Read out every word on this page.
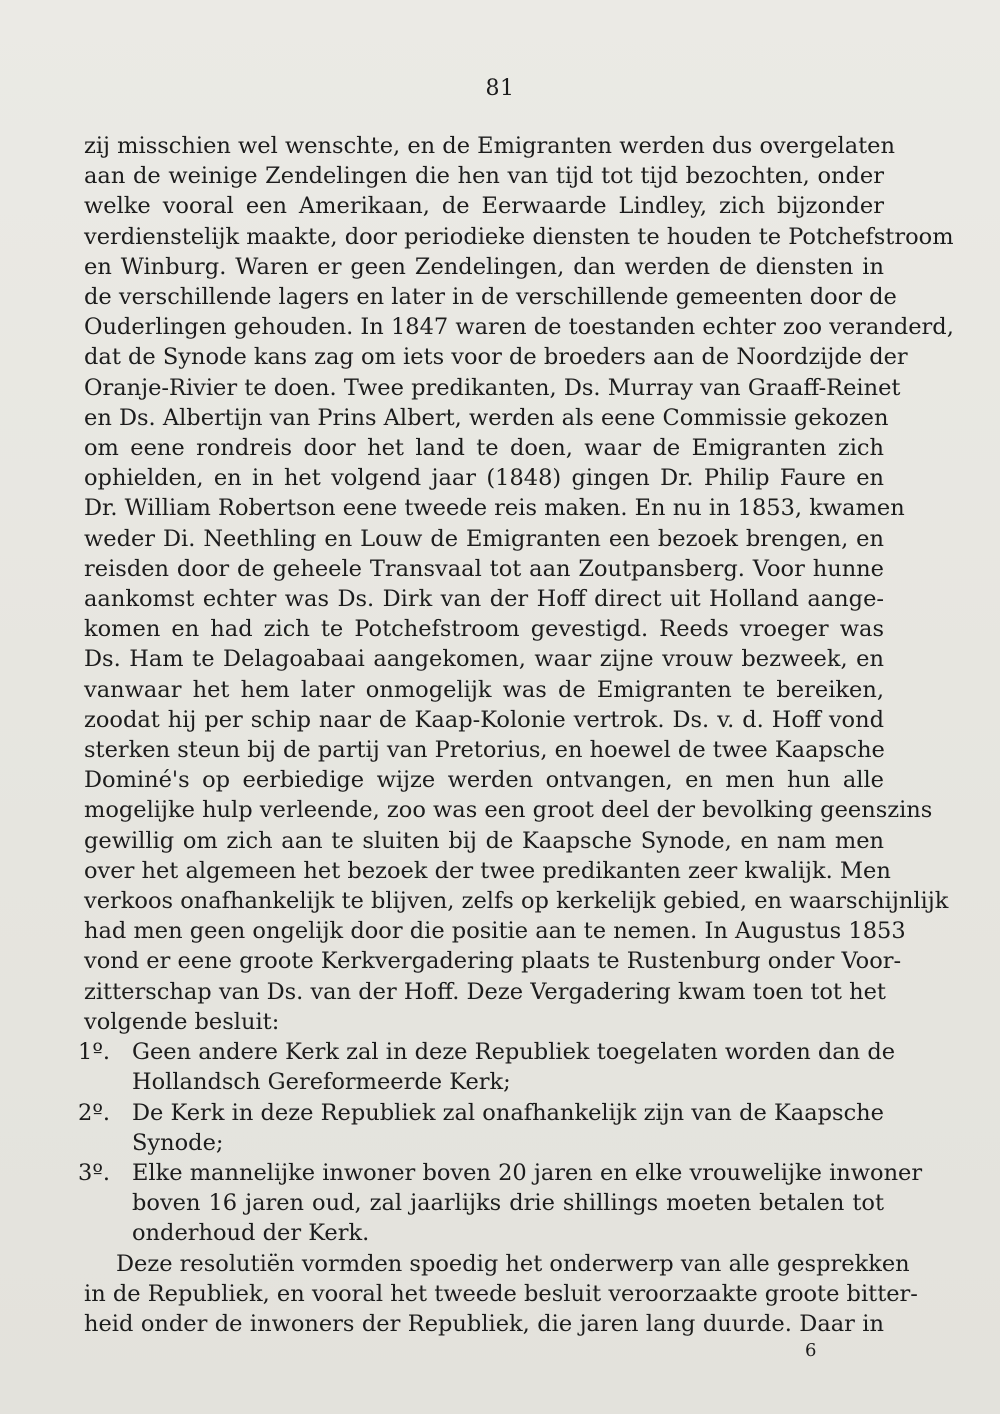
81
zij misschien wel wenschte, en de Emigranten werden dus overgelaten
aan de weinige Zendelingen die hen van tijd tot tijd bezochten, onder
welke vooral een Amerikaan, de Eerwaarde Lindley, zich bijzonder
verdienstelijk maakte, door periodieke diensten te houden te Potchefstroom
en Winburg. Waren er geen Zendelingen, dan werden de diensten in
de verschillende lagers en later in de verschillende gemeenten door de
Ouderlingen gehouden. In 1847 waren de toestanden echter zoo veranderd,
dat de Synode kans zag om iets voor de broeders aan de Noordzijde der
Oranje-Rivier te doen. Twee predikanten, Ds. Murray van Graaff-Reinet
en Ds. Albertijn van Prins Albert, werden als eene Commissie gekozen
om eene rondreis door het land te doen, waar de Emigranten zich
ophielden, en in het volgend jaar (1848) gingen Dr. Philip Faure en
Dr. William Robertson eene tweede reis maken. En nu in 1853, kwamen
weder Di. Neethling en Louw de Emigranten een bezoek brengen, en
reisden door de geheele Transvaal tot aan Zoutpansberg. Voor hunne
aankomst echter was Ds. Dirk van der Hoff direct uit Holland aange-
komen en had zich te Potchefstroom gevestigd. Reeds vroeger was
Ds. Ham te Delagoabaai aangekomen, waar zijne vrouw bezweek, en
vanwaar het hem later onmogelijk was de Emigranten te bereiken,
zoodat hij per schip naar de Kaap-Kolonie vertrok. Ds. v. d. Hoff vond
sterken steun bij de partij van Pretorius, en hoewel de twee Kaapsche
Dominé's op eerbiedige wijze werden ontvangen, en men hun alle
mogelijke hulp verleende, zoo was een groot deel der bevolking geenszins
gewillig om zich aan te sluiten bij de Kaapsche Synode, en nam men
over het algemeen het bezoek der twee predikanten zeer kwalijk. Men
verkoos onafhankelijk te blijven, zelfs op kerkelijk gebied, en waarschijnlijk
had men geen ongelijk door die positie aan te nemen. In Augustus 1853
vond er eene groote Kerkvergadering plaats te Rustenburg onder Voor-
zitterschap van Ds. van der Hoff. Deze Vergadering kwam toen tot het
volgende besluit:
1º. Geen andere Kerk zal in deze Republiek toegelaten worden dan de
Hollandsch Gereformeerde Kerk;
2º. De Kerk in deze Republiek zal onafhankelijk zijn van de Kaapsche
Synode;
3º. Elke mannelijke inwoner boven 20 jaren en elke vrouwelijke inwoner
boven 16 jaren oud, zal jaarlijks drie shillings moeten betalen tot
onderhoud der Kerk.
Deze resolutiën vormden spoedig het onderwerp van alle gesprekken
in de Republiek, en vooral het tweede besluit veroorzaakte groote bitter-
heid onder de inwoners der Republiek, die jaren lang duurde. Daar in
6
